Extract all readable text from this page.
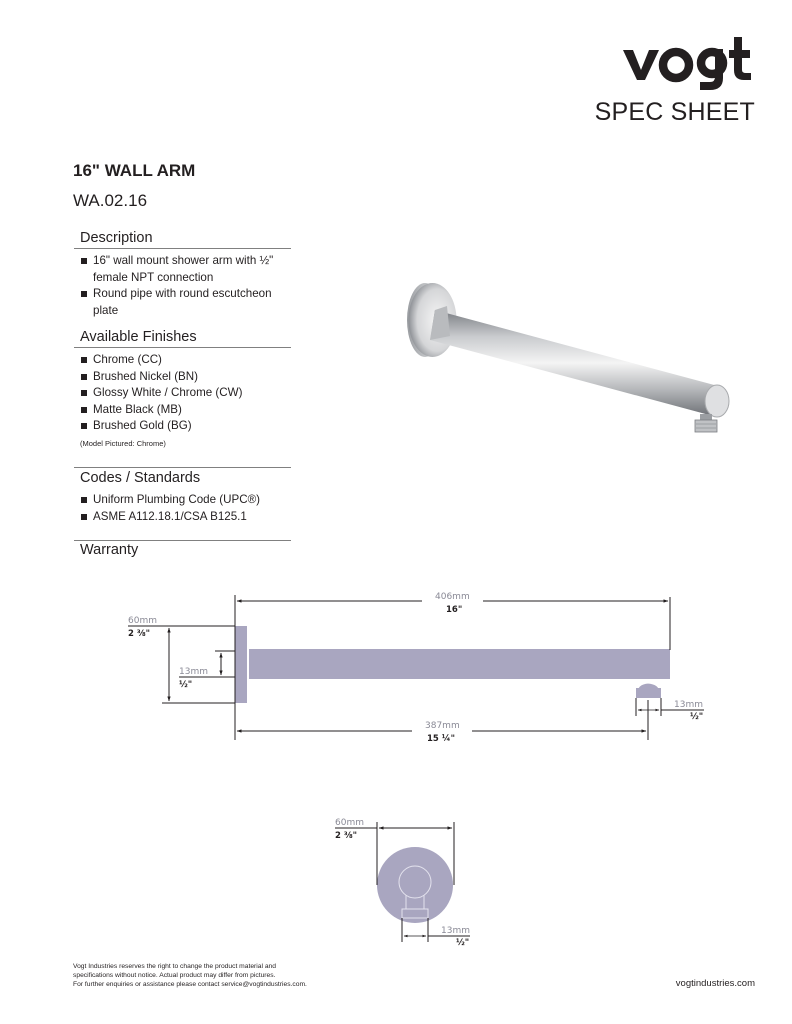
SPEC SHEET
16" WALL ARM
WA.02.16
Description
16" wall mount shower arm with ½" female NPT connection
Round pipe with round escutcheon plate
Available Finishes
Chrome (CC)
Brushed Nickel (BN)
Glossy White / Chrome (CW)
Matte Black (MB)
Brushed Gold (BG)
(Model Pictured: Chrome)
Codes / Standards
Uniform Plumbing Code (UPC®)
ASME A112.18.1/CSA B125.1
Warranty
406mm
16"
387mm
15 ¼"
60mm
2 ⅜"
13mm
½"
13mm
½"
60mm
2 ⅜"
13mm
½"
Vogt Industries reserves the right to change the product material and
specifications without notice. Actual product may differ from pictures.
For further enquiries or assistance please contact service@vogtindustries.com.	vogtindustries.com
